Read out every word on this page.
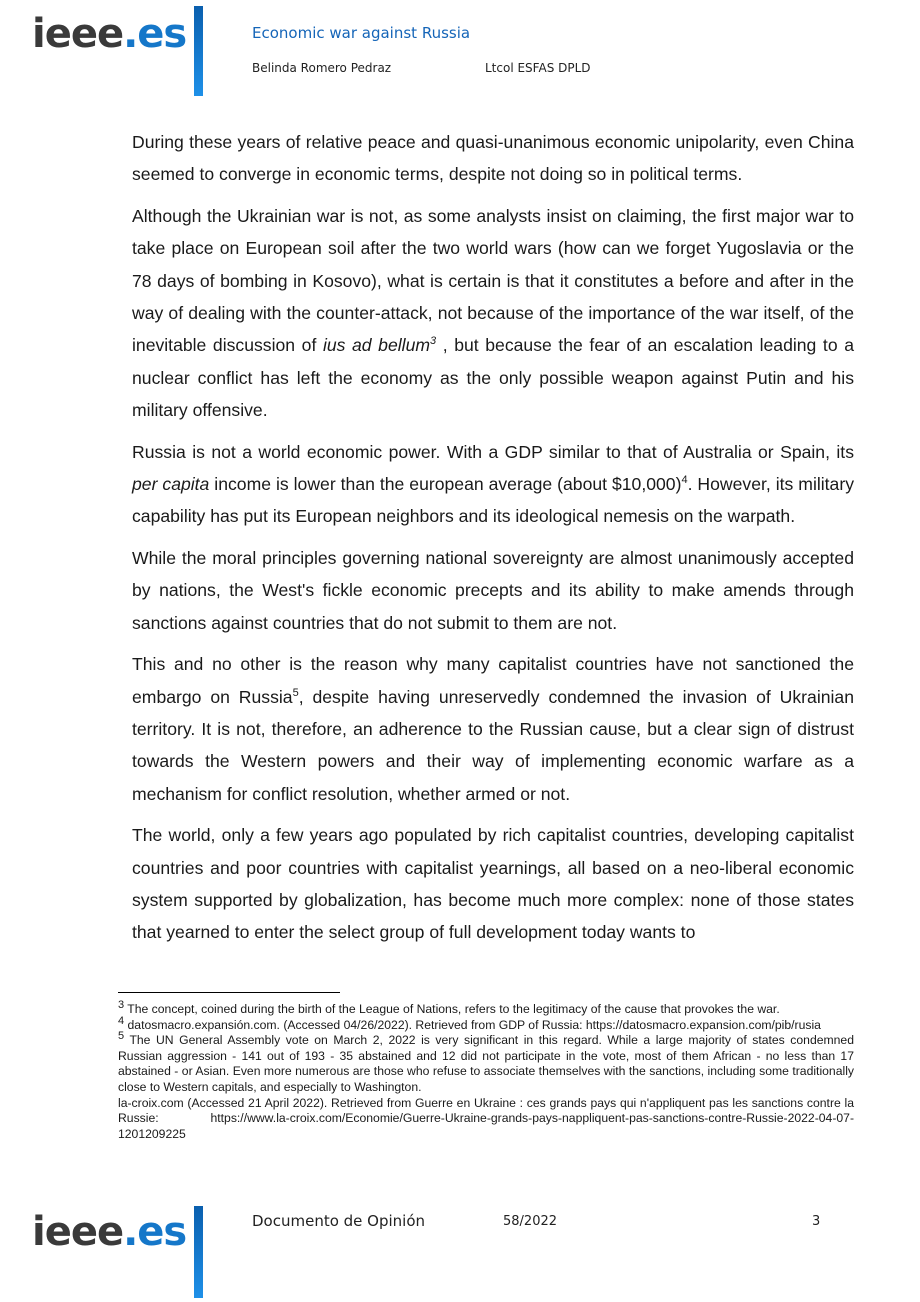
ieee.es	Economic war against Russia
Belinda Romero Pedraz	Ltcol ESFAS DPLD

During these years of relative peace and quasi-unanimous economic unipolarity, even China seemed to converge in economic terms, despite not doing so in political terms.

Although the Ukrainian war is not, as some analysts insist on claiming, the first major war to take place on European soil after the two world wars (how can we forget Yugoslavia or the 78 days of bombing in Kosovo), what is certain is that it constitutes a before and after in the way of dealing with the counter-attack, not because of the importance of the war itself, of the inevitable discussion of ius ad bellum$^3$ , but because the fear of an escalation leading to a nuclear conflict has left the economy as the only possible weapon against Putin and his military offensive.

Russia is not a world economic power. With a GDP similar to that of Australia or Spain, its per capita income is lower than the european average (about $10,000)$^4$. However, its military capability has put its European neighbors and its ideological nemesis on the warpath.

While the moral principles governing national sovereignty are almost unanimously accepted by nations, the West's fickle economic precepts and its ability to make amends through sanctions against countries that do not submit to them are not.

This and no other is the reason why many capitalist countries have not sanctioned the embargo on Russia$^5$, despite having unreservedly condemned the invasion of Ukrainian territory. It is not, therefore, an adherence to the Russian cause, but a clear sign of distrust towards the Western powers and their way of implementing economic warfare as a mechanism for conflict resolution, whether armed or not.

The world, only a few years ago populated by rich capitalist countries, developing capitalist countries and poor countries with capitalist yearnings, all based on a neo-liberal economic system supported by globalization, has become much more complex: none of those states that yearned to enter the select group of full development today wants to

$^3$ The concept, coined during the birth of the League of Nations, refers to the legitimacy of the cause that provokes the war.

$^4$ datosmacro.expansión.com. (Accessed 04/26/2022). Retrieved from GDP of Russia: https://datosmacro.expansion.com/pib/rusia

$^5$ The UN General Assembly vote on March 2, 2022 is very significant in this regard. While a large majority of states condemned Russian aggression - 141 out of 193 - 35 abstained and 12 did not participate in the vote, most of them African - no less than 17 abstained - or Asian. Even more numerous are those who refuse to associate themselves with the sanctions, including some traditionally close to Western capitals, and especially to Washington.

la-croix.com (Accessed 21 April 2022). Retrieved from Guerre en Ukraine : ces grands pays qui n'appliquent pas les sanctions contre la Russie: https://www.la-croix.com/Economie/Guerre-Ukraine-grands-pays-nappliquent-pas-sanctions-contre-Russie-2022-04-07-1201209225

ieee.es	Documento de Opinión	58/2022	3
